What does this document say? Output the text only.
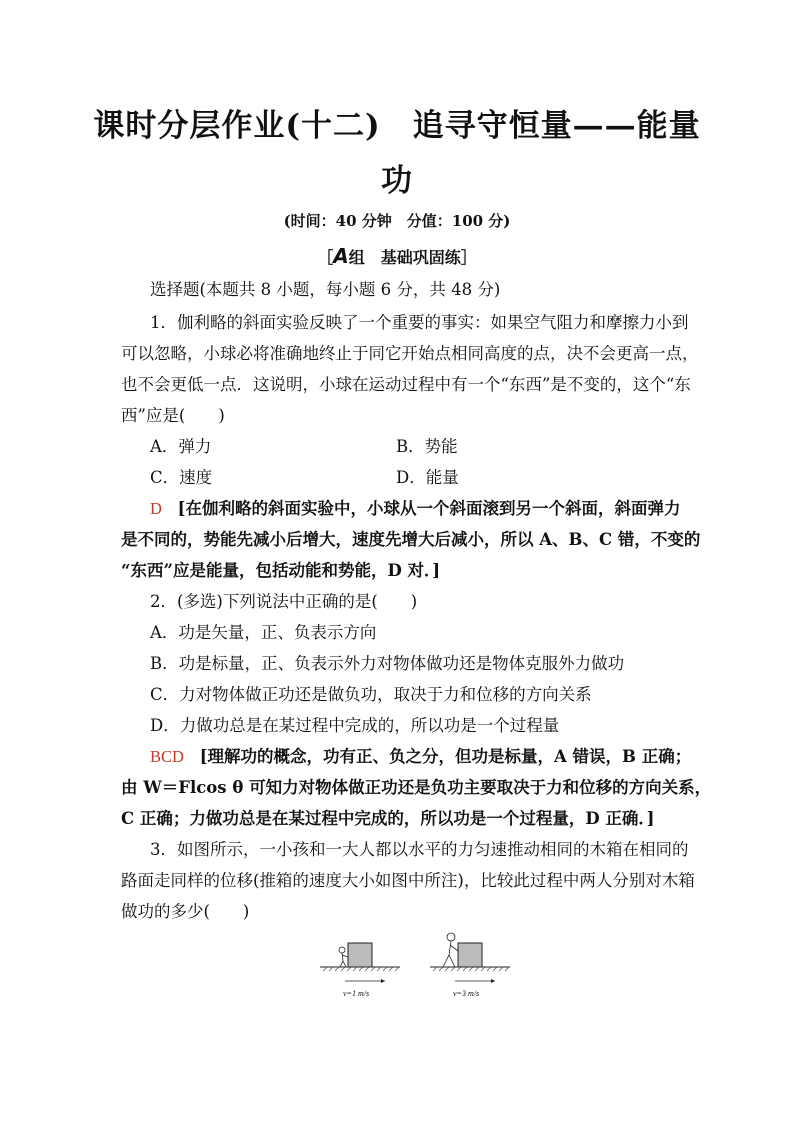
课时分层作业(十二)　追寻守恒量——能量
功
(时间：40 分钟　分值：100 分)
［A组　基础巩固练］
选择题(本题共 8 小题，每小题 6 分，共 48 分)
1．伽利略的斜面实验反映了一个重要的事实：如果空气阻力和摩擦力小到
可以忽略，小球必将准确地终止于同它开始点相同高度的点，决不会更高一点，
也不会更低一点．这说明，小球在运动过程中有一个“东西”是不变的，这个“东
西”应是(　　)
A．弹力	B．势能
C．速度	D．能量
D [在伽利略的斜面实验中，小球从一个斜面滚到另一个斜面，斜面弹力
是不同的，势能先减小后增大，速度先增大后减小，所以 A、B、C 错，不变的
“东西”应是能量，包括动能和势能，D 对．]
2．(多选)下列说法中正确的是(　　)
A．功是矢量，正、负表示方向
B．功是标量，正、负表示外力对物体做功还是物体克服外力做功
C．力对物体做正功还是做负功，取决于力和位移的方向关系
D．力做功总是在某过程中完成的，所以功是一个过程量
BCD [理解功的概念，功有正、负之分，但功是标量，A 错误，B 正确；
由 W＝Flcos θ 可知力对物体做正功还是负功主要取决于力和位移的方向关系，
C 正确；力做功总是在某过程中完成的，所以功是一个过程量，D 正确．]
3．如图所示，一小孩和一大人都以水平的力匀速推动相同的木箱在相同的
路面走同样的位移(推箱的速度大小如图中所注)，比较此过程中两人分别对木箱
做功的多少(　　)
v=1 m/s	v=3 m/s
